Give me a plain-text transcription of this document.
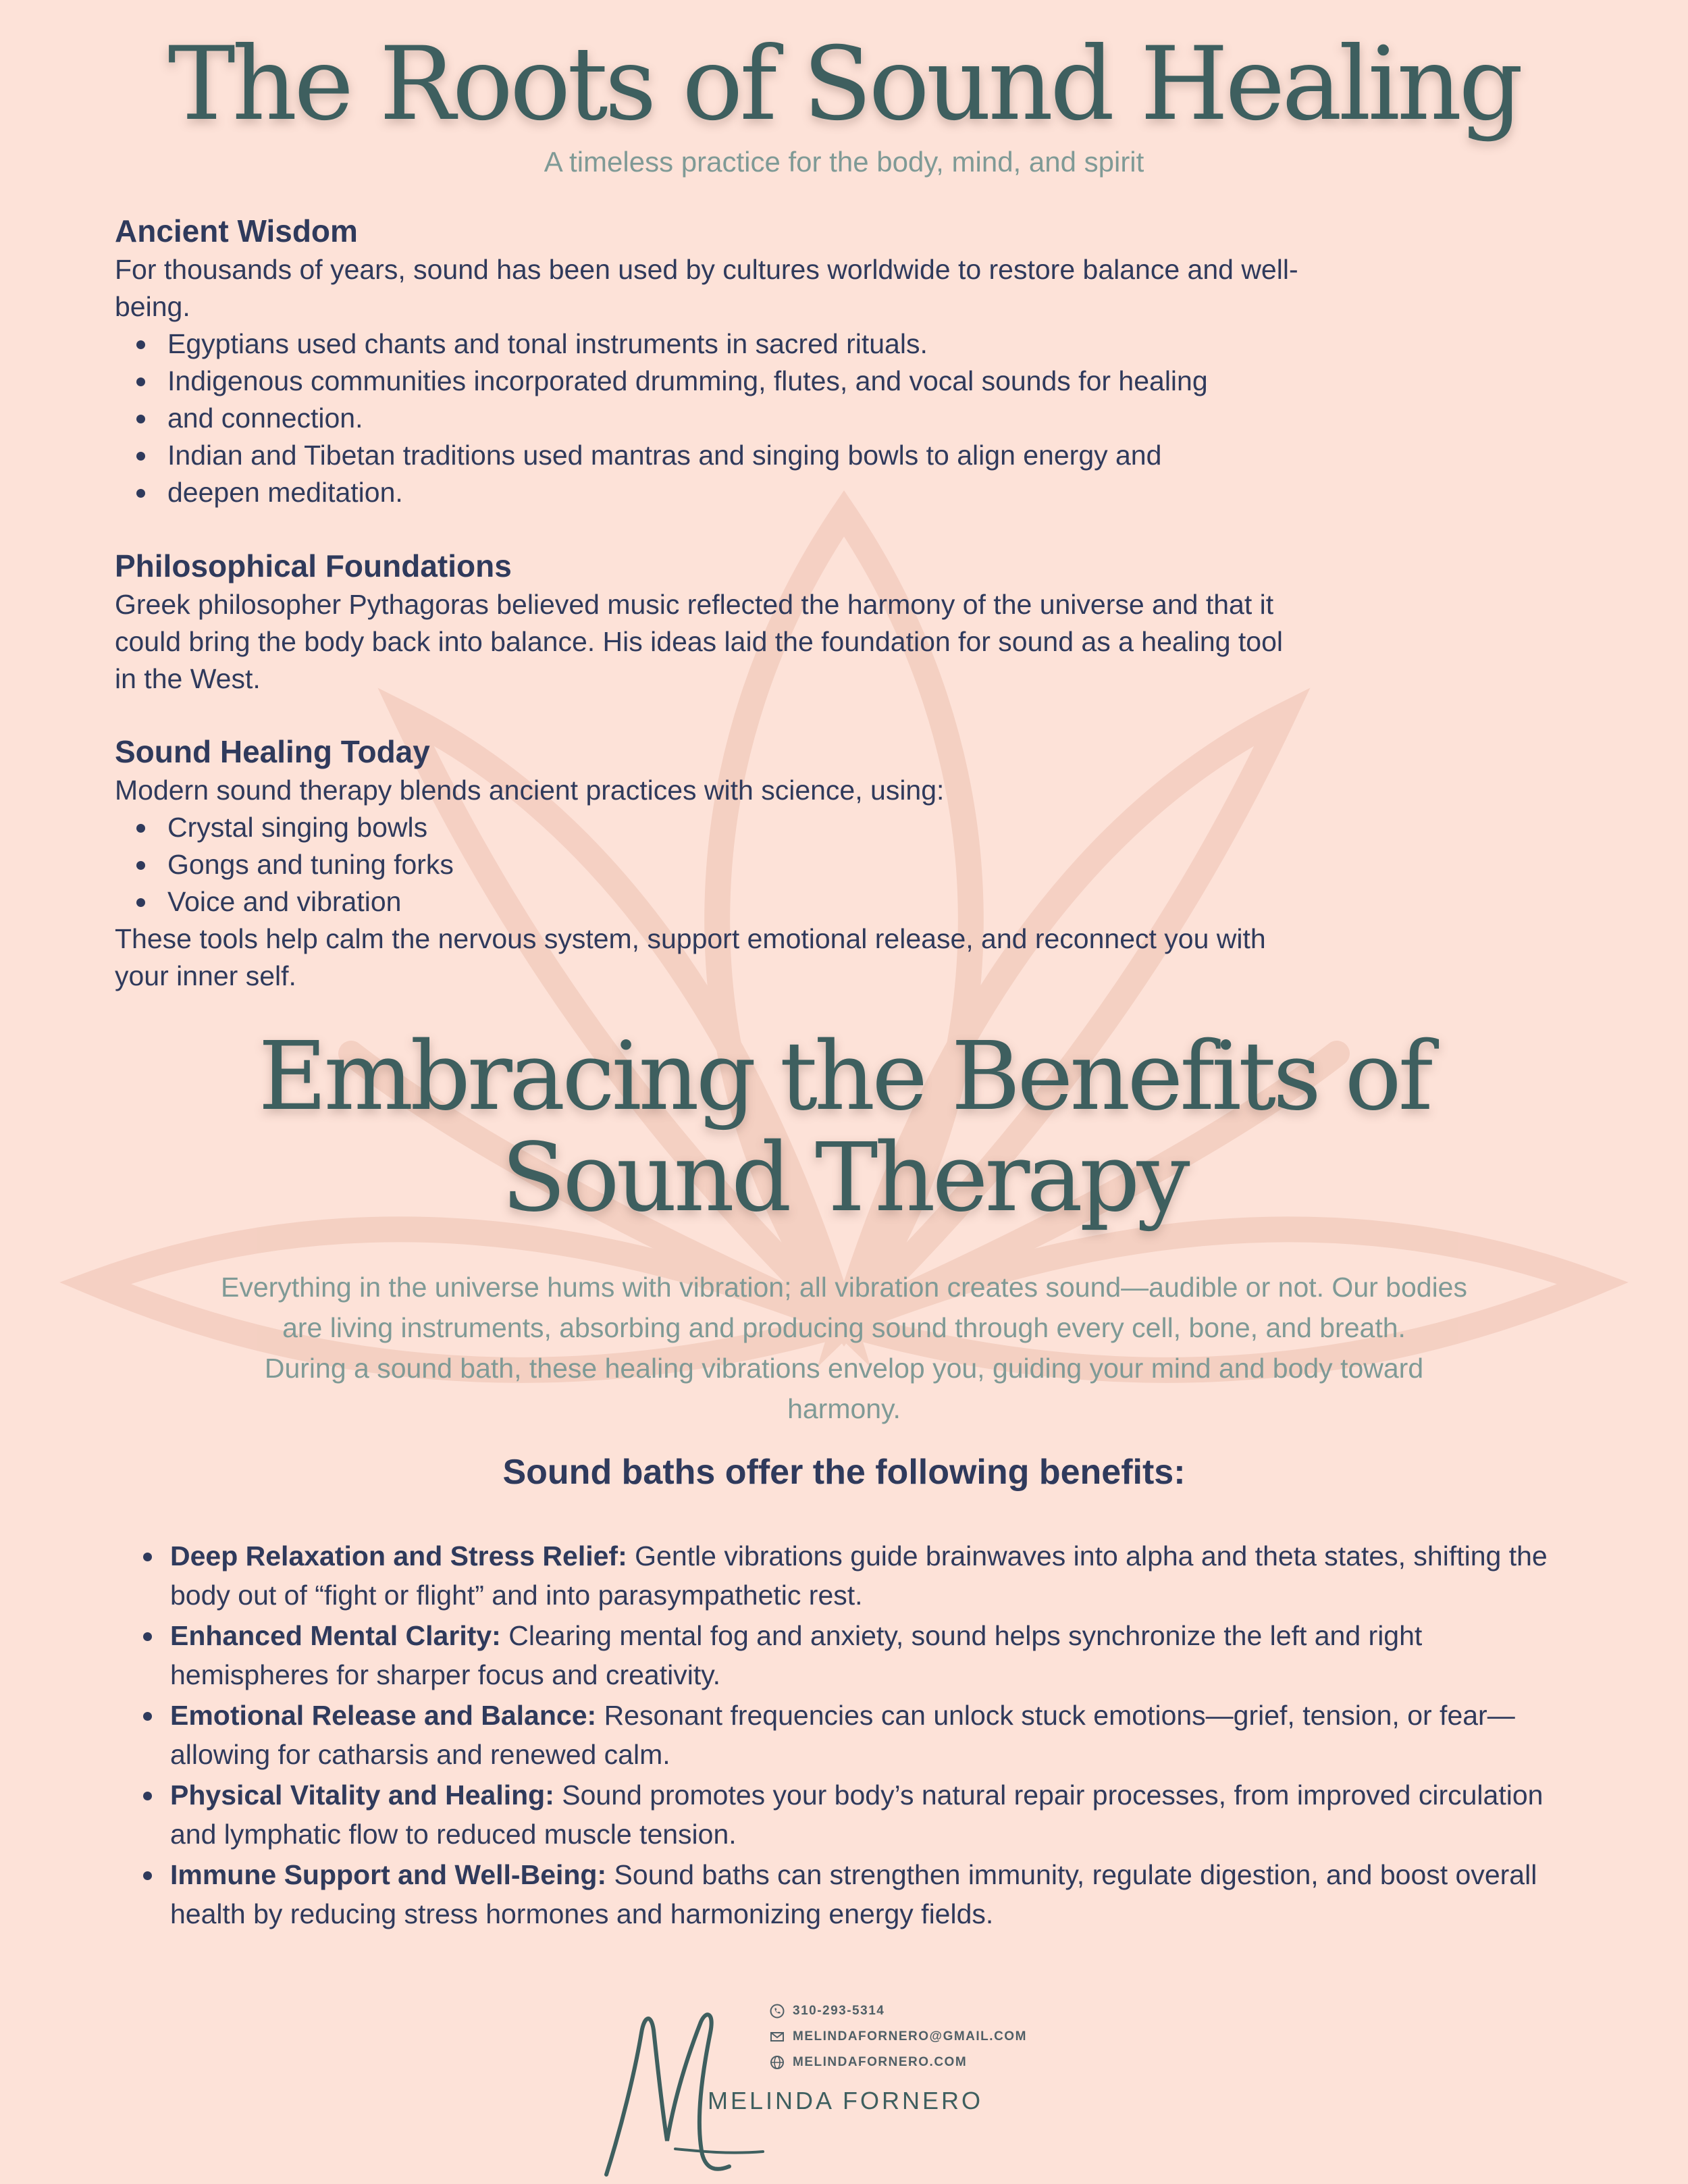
The Roots of Sound Healing
A timeless practice for the body, mind, and spirit
Ancient Wisdom

For thousands of years, sound has been used by cultures worldwide to restore balance and well-

being.

Egyptians used chants and tonal instruments in sacred rituals.
Indigenous communities incorporated drumming, flutes, and vocal sounds for healing
and connection.
Indian and Tibetan traditions used mantras and singing bowls to align energy and
deepen meditation.
Philosophical Foundations

Greek philosopher Pythagoras believed music reflected the harmony of the universe and that it

could bring the body back into balance. His ideas laid the foundation for sound as a healing tool

in the West.

Sound Healing Today

Modern sound therapy blends ancient practices with science, using:

Crystal singing bowls
Gongs and tuning forks
Voice and vibration

These tools help calm the nervous system, support emotional release, and reconnect you with

your inner self.

Embracing the Benefits of
Sound Therapy
Everything in the universe hums with vibration; all vibration creates sound—audible or not. Our bodies
are living instruments, absorbing and producing sound through every cell, bone, and breath.
During a sound bath, these healing vibrations envelop you, guiding your mind and body toward
harmony.
Sound baths offer the following benefits:
Deep Relaxation and Stress Relief: Gentle vibrations guide brainwaves into alpha and theta states, shifting the body out of “fight or flight” and into parasympathetic rest.
Enhanced Mental Clarity: Clearing mental fog and anxiety, sound helps synchronize the left and right hemispheres for sharper focus and creativity.
Emotional Release and Balance: Resonant frequencies can unlock stuck emotions—grief, tension, or fear—allowing for catharsis and renewed calm.
Physical Vitality and Healing: Sound promotes your body’s natural repair processes, from improved circulation and lymphatic flow to reduced muscle tension.
Immune Support and Well-Being: Sound baths can strengthen immunity, regulate digestion, and boost overall health by reducing stress hormones and harmonizing energy fields.
MELINDA FORNERO
310-293-5314
MELINDAFORNERO@GMAIL.COM
MELINDAFORNERO.COM
